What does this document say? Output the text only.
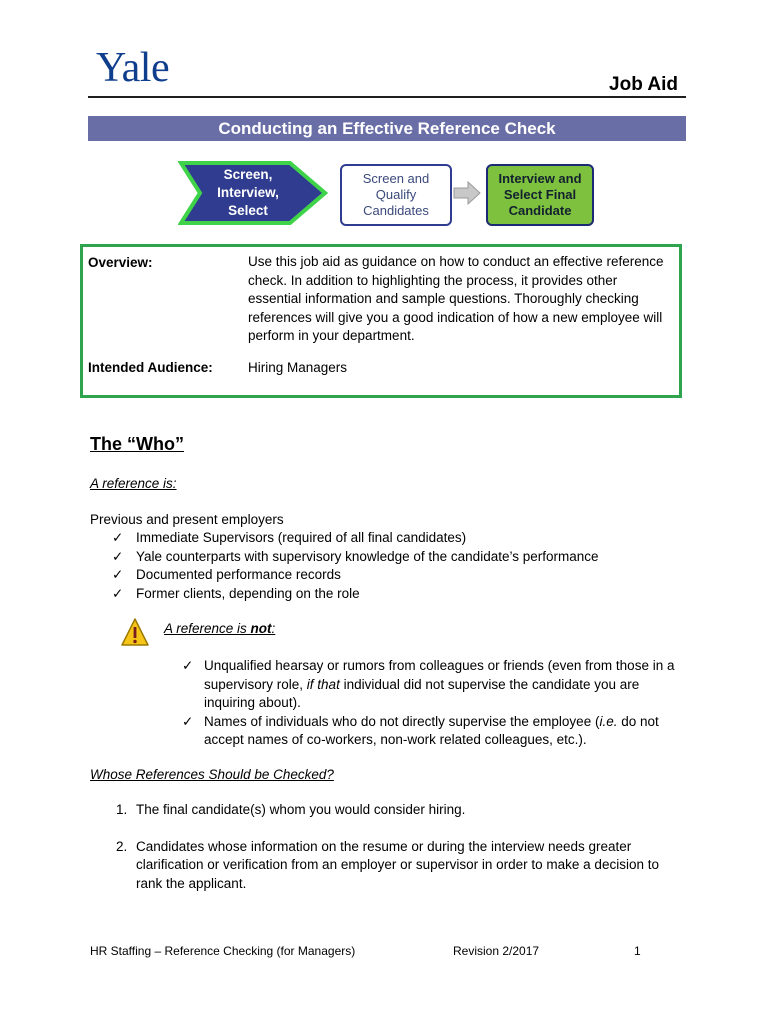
Yale	Job Aid
Conducting an Effective Reference Check
Screen,
Interview,
Select
Screen and
Qualify
Candidates
Interview and
Select Final
Candidate
Overview:	Use this job aid as guidance on how to conduct an effective reference check. In addition to highlighting the process, it provides other essential information and sample questions. Thoroughly checking references will give you a good indication of how a new employee will perform in your department.
Intended Audience:	Hiring Managers
The “Who”
A reference is:
Previous and present employers
✓ Immediate Supervisors (required of all final candidates)
✓ Yale counterparts with supervisory knowledge of the candidate’s performance
✓ Documented performance records
✓ Former clients, depending on the role
A reference is not:
✓ Unqualified hearsay or rumors from colleagues or friends (even from those in a supervisory role, if that individual did not supervise the candidate you are inquiring about).
✓ Names of individuals who do not directly supervise the employee (i.e. do not accept names of co-workers, non-work related colleagues, etc.).
Whose References Should be Checked?
1. The final candidate(s) whom you would consider hiring.
2. Candidates whose information on the resume or during the interview needs greater clarification or verification from an employer or supervisor in order to make a decision to rank the applicant.
HR Staffing – Reference Checking (for Managers)	Revision 2/2017	1
